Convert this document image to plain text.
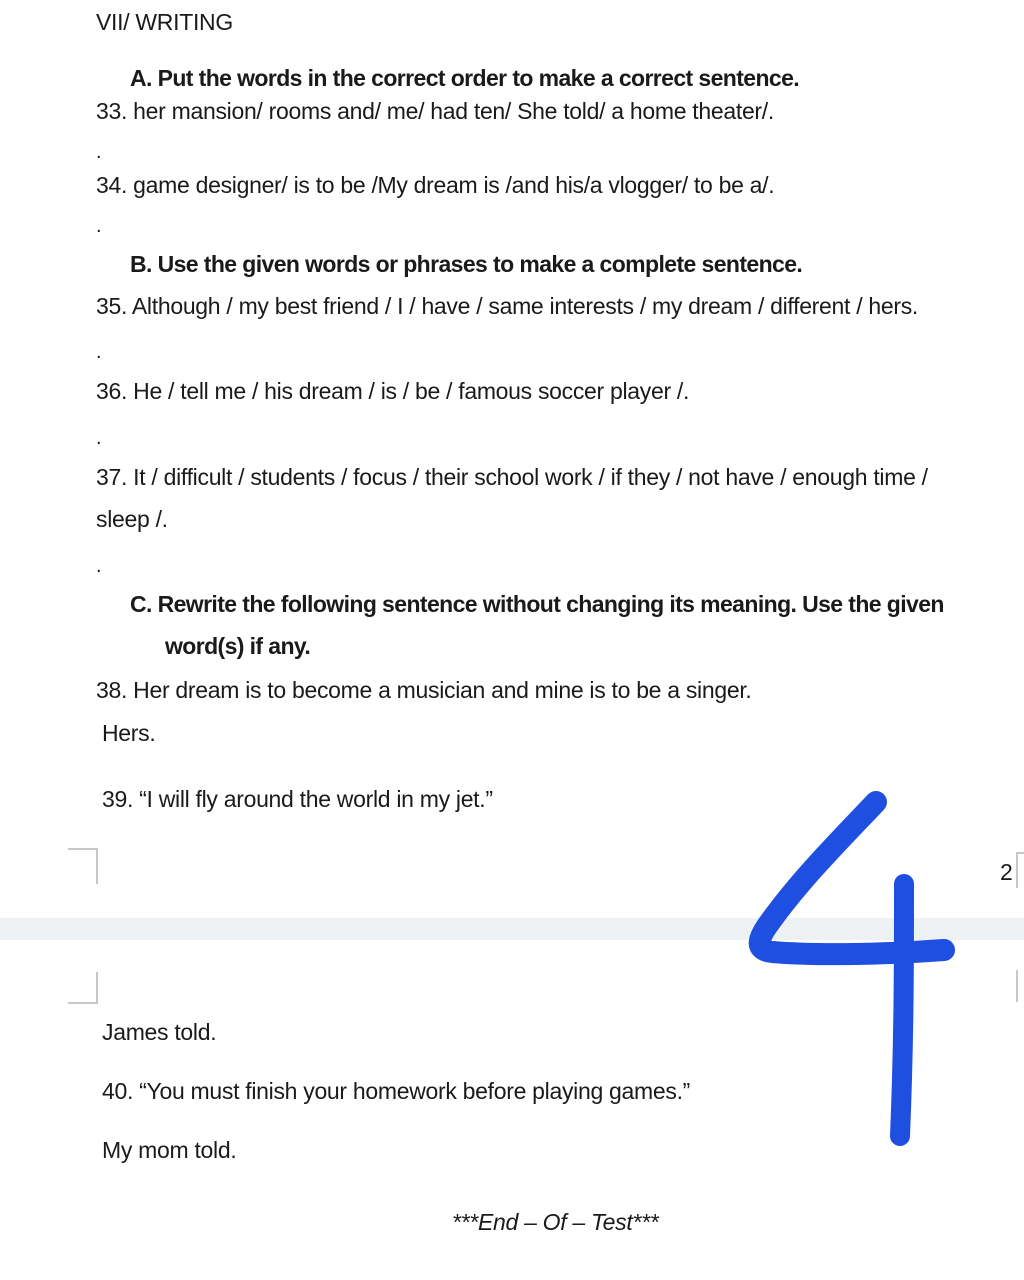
VII/ WRITING
A. Put the words in the correct order to make a correct sentence.
33. her mansion/ rooms and/ me/ had ten/ She told/ a home theater/.
.
34. game designer/ is to be /My dream is /and his/a vlogger/ to be a/.
.
B. Use the given words or phrases to make a complete sentence.
35. Although / my best friend / I / have / same interests / my dream / different / hers.
.
36. He / tell me / his dream / is / be / famous soccer player /.
.
37. It / difficult / students / focus / their school work / if they / not have / enough time /
sleep /.
.
C. Rewrite the following sentence without changing its meaning. Use the given
word(s) if any.
38. Her dream is to become a musician and mine is to be a singer.
Hers.
39. “I will fly around the world in my jet.”
2
James told.
40. “You must finish your homework before playing games.”
My mom told.
***End – Of – Test***
